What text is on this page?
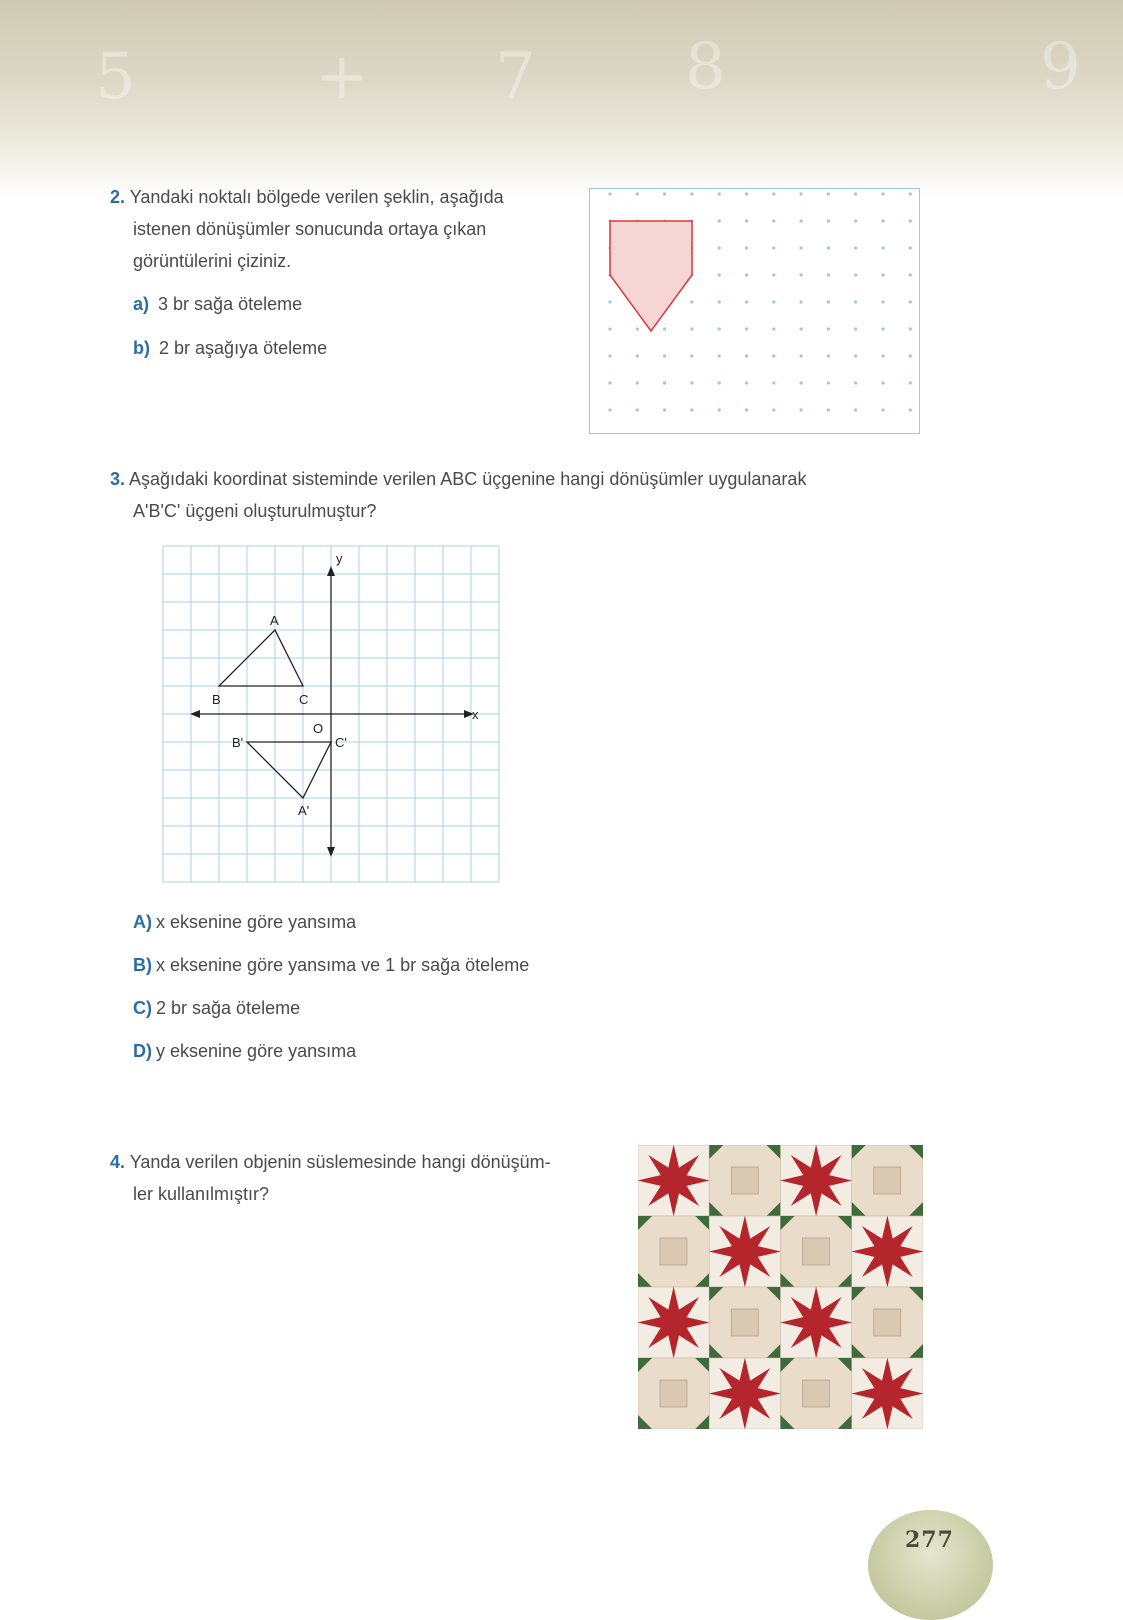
5	+ 7 8	9
2. Yandaki noktalı bölgede verilen şeklin, aşağıda
istenen dönüşümler sonucunda ortaya çıkan
görüntülerini çiziniz.
a) 3 br sağa öteleme
b) 2 br aşağıya öteleme
3. Aşağıdaki koordinat sisteminde verilen ABC üçgenine hangi dönüşümler uygulanarak
A'B'C' üçgeni oluşturulmuştur?
y
x
O
A
B	C
A'
B'	C'
A) x eksenine göre yansıma
B) x eksenine göre yansıma ve 1 br sağa öteleme
C) 2 br sağa öteleme
D) y eksenine göre yansıma
4. Yanda verilen objenin süslemesinde hangi dönüşüm-
ler kullanılmıştır?
277
